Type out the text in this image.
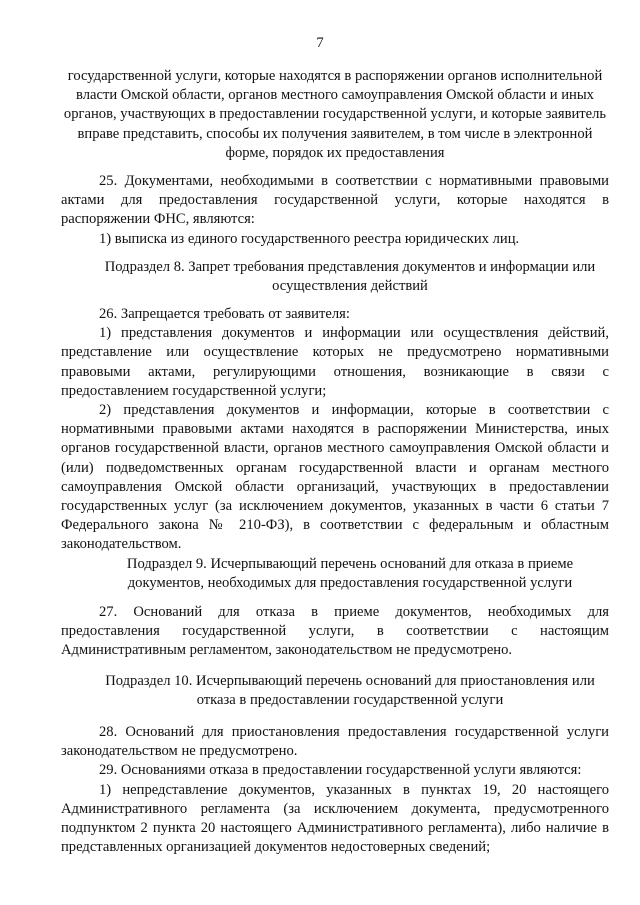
7

государственной услуги, которые находятся в распоряжении органов исполнительной власти Омской области, органов местного самоуправления Омской области и иных органов, участвующих в предоставлении государственной услуги, и которые заявитель вправе представить, способы их получения заявителем, в том числе в электронной форме, порядок их предоставления

25. Документами, необходимыми в соответствии с нормативными правовыми актами для предоставления государственной услуги, которые находятся в распоряжении ФНС, являются:

1) выписка из единого государственного реестра юридических лиц.

Подраздел 8. Запрет требования представления документов и информации или осуществления действий

26. Запрещается требовать от заявителя:

1) представления документов и информации или осуществления действий, представление или осуществление которых не предусмотрено нормативными правовыми актами, регулирующими отношения, возникающие в связи с предоставлением государственной услуги;

2) представления документов и информации, которые в соответствии с нормативными правовыми актами находятся в распоряжении Министерства, иных органов государственной власти, органов местного самоуправления Омской области и (или) подведомственных органам государственной власти и органам местного самоуправления Омской области организаций, участвующих в предоставлении государственных услуг (за исключением документов, указанных в части 6 статьи 7 Федерального закона № 210-ФЗ), в соответствии с федеральным и областным законодательством.

Подраздел 9. Исчерпывающий перечень оснований для отказа в приеме документов, необходимых для предоставления государственной услуги

27. Оснований для отказа в приеме документов, необходимых для предоставления государственной услуги, в соответствии с настоящим Административным регламентом, законодательством не предусмотрено.

Подраздел 10. Исчерпывающий перечень оснований для приостановления или отказа в предоставлении государственной услуги

28. Оснований для приостановления предоставления государственной услуги законодательством не предусмотрено.

29. Основаниями отказа в предоставлении государственной услуги являются:

1) непредставление документов, указанных в пунктах 19, 20 настоящего Административного регламента (за исключением документа, предусмотренного подпунктом 2 пункта 20 настоящего Административного регламента), либо наличие в представленных организацией документов недостоверных сведений;
